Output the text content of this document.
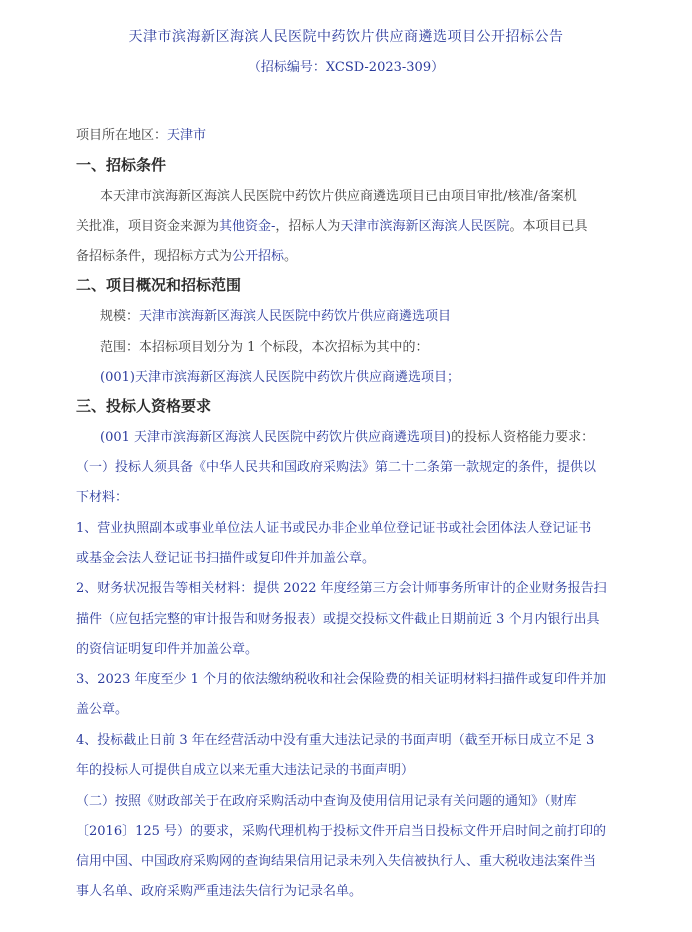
天津市滨海新区海滨人民医院中药饮片供应商遴选项目公开招标公告
（招标编号：XCSD-2023-309）
项目所在地区：天津市
一、招标条件
本天津市滨海新区海滨人民医院中药饮片供应商遴选项目已由项目审批/核准/备案机
关批准，项目资金来源为其他资金-，招标人为天津市滨海新区海滨人民医院。本项目已具
备招标条件，现招标方式为公开招标。
二、项目概况和招标范围
规模：天津市滨海新区海滨人民医院中药饮片供应商遴选项目
范围：本招标项目划分为 1 个标段，本次招标为其中的：
(001)天津市滨海新区海滨人民医院中药饮片供应商遴选项目；
三、投标人资格要求
(001 天津市滨海新区海滨人民医院中药饮片供应商遴选项目)的投标人资格能力要求：
（一）投标人须具备《中华人民共和国政府采购法》第二十二条第一款规定的条件，提供以
下材料：
1、营业执照副本或事业单位法人证书或民办非企业单位登记证书或社会团体法人登记证书
或基金会法人登记证书扫描件或复印件并加盖公章。
2、财务状况报告等相关材料：提供 2022 年度经第三方会计师事务所审计的企业财务报告扫
描件（应包括完整的审计报告和财务报表）或提交投标文件截止日期前近 3 个月内银行出具
的资信证明复印件并加盖公章。
3、2023 年度至少 1 个月的依法缴纳税收和社会保险费的相关证明材料扫描件或复印件并加
盖公章。
4、投标截止日前 3 年在经营活动中没有重大违法记录的书面声明（截至开标日成立不足 3
年的投标人可提供自成立以来无重大违法记录的书面声明）
（二）按照《财政部关于在政府采购活动中查询及使用信用记录有关问题的通知》（财库
〔2016〕125 号）的要求，采购代理机构于投标文件开启当日投标文件开启时间之前打印的
信用中国、中国政府采购网的查询结果信用记录未列入失信被执行人、重大税收违法案件当
事人名单、政府采购严重违法失信行为记录名单。
